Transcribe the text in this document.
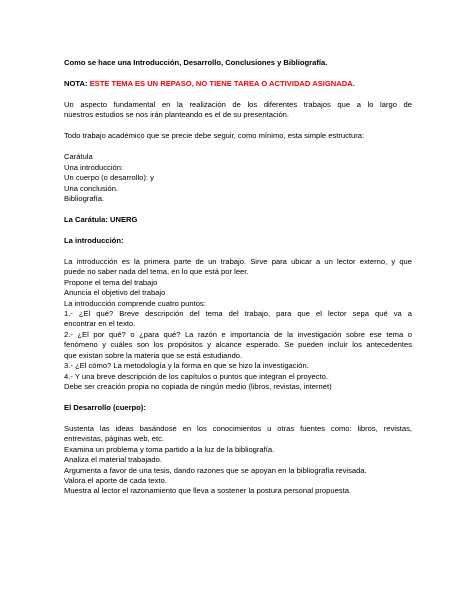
Como se hace una Introducción, Desarrollo, Conclusiones y Bibliografía.
NOTA: ESTE TEMA ES UN REPASO, NO TIENE TAREA O ACTIVIDAD ASIGNADA.
Un aspecto fundamental en la realización de los diferentes trabajos que a lo largo de
nuestros estudios se nos irán planteando es el de su presentación.
Todo trabajo académico que se precie debe seguir, como mínimo, esta simple estructura:
Carátula
Una introducción:
Un cuerpo (o desarrollo): y
Una conclusión.
Bibliografía.
La Carátula: UNERG
La introducción:
La introducción es la primera parte de un trabajo. Sirve para ubicar a un lector externo, y que
puede no saber nada del tema, en lo que está por leer.
Propone el tema del trabajo
Anuncia el objetivo del trabajo
La introducción comprende cuatro puntos:
1.- ¿El qué? Breve descripción del tema del trabajo, para que el lector sepa qué va a
encontrar en el texto.
2.- ¿El por qué? o ¿para qué? La razón e importancia de la investigación sobre ese tema o
fenómeno y cuáles son los propósitos y alcance esperado. Se pueden incluir los antecedentes
que existan sobre la materia que se está estudiando.
3.- ¿El cómo? La metodología y la forma en que se hizo la investigación.
4.- Y una breve descripción de los capítulos o puntos que integran el proyecto.
Debe ser creación propia no copiada de ningún medio (libros, revistas, internet)
El Desarrollo (cuerpo):
Sustenta las ideas basándose en los conocimientos u otras fuentes como: libros, revistas,
entrevistas, páginas web, etc.
Examina un problema y toma partido a la luz de la bibliografía.
Analiza el material trabajado.
Argumenta a favor de una tesis, dando razones que se apoyan en la bibliografía revisada.
Valora el aporte de cada texto.
Muestra al lector el razonamiento que lleva a sostener la postura personal propuesta.
